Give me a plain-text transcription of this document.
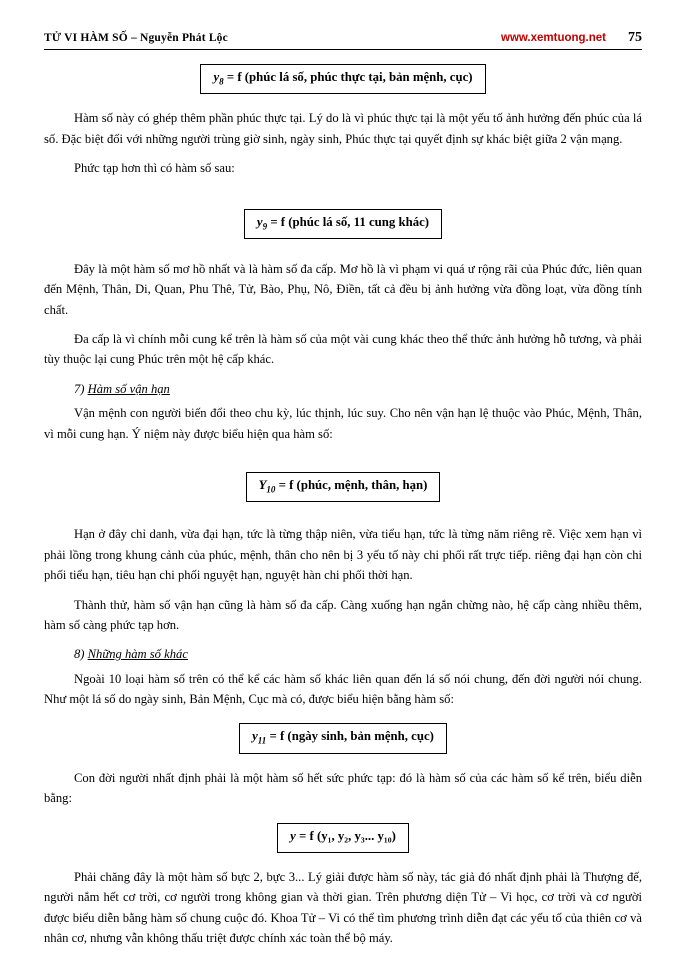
TỬ VI HÀM SỐ – Nguyễn Phát Lộc	www.xemtuong.net 75
$y_8 = f$ (phúc lá số, phúc thực tại, bản mệnh, cục)

Hàm số này có ghép thêm phần phúc thực tại. Lý do là vì phúc thực tại là một yếu tố ảnh hưởng đến phúc của lá số. Đặc biệt đối với những người trùng giờ sinh, ngày sinh, Phúc thực tại quyết định sự khác biệt giữa 2 vận mạng.

Phức tạp hơn thì có hàm số sau:

$y_9 = f$ (phúc lá số, 11 cung khác)

Đây là một hàm số mơ hồ nhất và là hàm số đa cấp. Mơ hồ là vì phạm vi quá ư rộng rãi của Phúc đức, liên quan đến Mệnh, Thân, Di, Quan, Phu Thê, Tử, Bào, Phụ, Nô, Điền, tất cả đều bị ảnh hưởng vừa đồng loạt, vừa đồng tính chất.

Đa cấp là vì chính mỗi cung kể trên là hàm số của một vài cung khác theo thể thức ảnh hưởng hỗ tương, và phải tùy thuộc lại cung Phúc trên một hệ cấp khác.

7) Hàm số vận hạn

Vận mệnh con người biến đổi theo chu kỳ, lúc thịnh, lúc suy. Cho nên vận hạn lệ thuộc vào Phúc, Mệnh, Thân, vì mỗi cung hạn. Ý niệm này được biểu hiện qua hàm số:

$Y_{10} = f$ (phúc, mệnh, thân, hạn)

Hạn ở đây chỉ danh, vừa đại hạn, tức là từng thập niên, vừa tiểu hạn, tức là từng năm riêng rẽ. Việc xem hạn vì phải lồng trong khung cảnh của phúc, mệnh, thân cho nên bị 3 yếu tố này chi phối rất trực tiếp. riêng đại hạn còn chi phối tiểu hạn, tiêu hạn chi phối nguyệt hạn, nguyệt hàn chi phối thời hạn.

Thành thử, hàm số vận hạn cũng là hàm số đa cấp. Càng xuống hạn ngắn chừng nào, hệ cấp càng nhiều thêm, hàm số càng phức tạp hơn.

8) Những hàm số khác

Ngoài 10 loại hàm số trên có thể kể các hàm số khác liên quan đến lá số nói chung, đến đời người nói chung. Như một lá số do ngày sinh, Bản Mệnh, Cục mà có, được biểu hiện bằng hàm số:

$y_{11} = f$ (ngày sinh, bản mệnh, cục)

Con đời người nhất định phải là một hàm số hết sức phức tạp: đó là hàm số của các hàm số kể trên, biểu diễn bằng:

y = f (y₁, y₂, y₃... y₁₀)

Phải chăng đây là một hàm số bực 2, bực 3... Lý giải được hàm số này, tác giả đó nhất định phải là Thượng đế, người nắm hết cơ trời, cơ người trong không gian và thời gian. Trên phương diện Tử – Vi học, cơ trời và cơ người được biểu diễn bằng hàm số chung cuộc đó. Khoa Tử – Vi có thể tìm phương trình diễn đạt các yếu tố của thiên cơ và nhân cơ, nhưng vẫn không thấu triệt được chính xác toàn thể bộ máy.
